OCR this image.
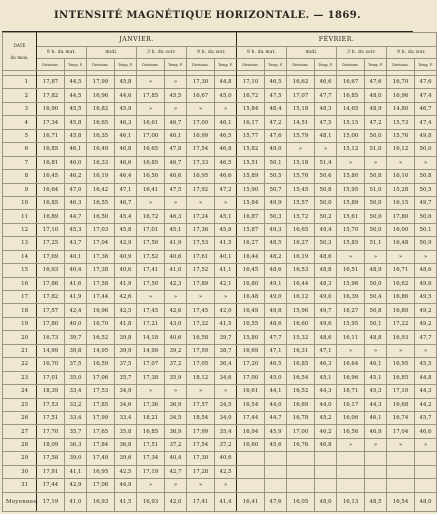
INTENSITÉ MAGNÉTIQUE HORIZONTALE. — 1869.
DATE

du mois.	JANVIER.								FÉVRIER.							
	9 h. du mat.		midi.		3 h. du soir.		9 h. du soir.		9 h. du mat.		midi.		3 h. du soir.		9 h. du soir.	
	Divisions.	Temp. F.	Divisions.	Temp. F.	Divisions.	Temp. F.	Divisions.	Temp. F.	Divisions.	Temp. F.	Divisions.	Temp. F.	Divisions.	Temp. F.	Divisions.	Temp. F.

1	17,87	44,5	17,99	45,8	»	»	17,30	44,8	17,10	46,5	16,62	46,6	16,67	47,6	16,70	47,6
2	17,82	44,5	16,96	44,6	17,85	45,5	16,67	45,0	16,72	47,5	17,07	47,7	16,85	48,0	16,96	47,4
3	16,90	45,5	16,82	45,9	»	»	»	»	15,84	48,4	15,18	48,3	14,65	48,9	14,80	46,7
4	17,34	45,8	16,65	46,3	16,61	46,7	17,00	46,1	16,17	47,2	14,51	47,5	15,15	47,2	15,73	47,4
5	16,71	45,8	16,35	46,1	17,00	46,1	16,99	46,5	15,77	47,6	15,79	48,1	15,00	50,0	15,76	49,8
6	16,85	46,1	16,49	46,8	16,65	47,8	17,54	46,8	15,82	49,0	»	»	15,12	51,0	16,12	50,0
7	16,81	46,0	16,33	46,6	16,85	46,7	17,33	46,5	15,51	50,1	15,18	51,4	»	»	»	»
8	16,45	46,2	16,19	46,4	16,50	46,6	16,95	46,6	15,89	50,5	15,76	50,6	15,80	50,8	16,10	50,8
9	16,64	47,0	16,42	47,1	16,41	47,5	17,92	47,2	15,90	50,7	15,45	50,8	15,95	51,0	15,28	50,5
10	16,85	46,3	16,55	46,7	»	»	»	»	15,84	49,9	15,57	50,0	15,89	50,0	16,15	49,7
11	16,89	44,7	16,50	45,4	16,72	46,3	17,24	45,1	16,87	50,3	15,72	50,2	15,61	50,0	17,80	50,6
12	17,10	45,3	17,03	45,8	17,01	45,1	17,36	45,8	15,87	49,3	16,65	49,4	15,70	50,0	16,00	50,1
13	17,25	43,7	17,04	42,9	17,50	41,9	17,53	41,5	16,27	48,5	16,27	50,3	15,85	51,1	16,48	50,9
14	17,69	40,1	17,36	40,9	17,52	40,6	17,61	40,1	16,44	48,2	16,19	48,6	»	»	»	»
15	16,93	40,4	17,38	40,6	17,41	41,0	17,52	41,1	16,45	48,6	16,53	48,8	16,51	48,9	16,71	48,6
16	17,86	41,6	17,58	41,9	17,50	42,3	17,89	42,1	16,80	49,1	16,44	48,3	15,96	50,0	16,62	49,6
17	17,82	41,9	17,44	42,6	»	»	»	»	16,48	49,0	16,12	49,0	16,39	50,4	16,86	49,5
18	17,57	42,4	16,96	42,5	17,45	42,6	17,45	42,0	16,49	49,8	15,96	49,7	16,27	50,8	16,80	49,2
19	17,80	40,0	16,70	41,8	17,21	43,0	17,32	41,5	16,55	48,6	16,60	49,6	15,95	50,1	17,22	49,2
20	16,73	39,7	16,52	39,8	14,18	40,6	16,58	39,7	15,80	47,7	15,32	48,6	16,11	48,8	16,93	47,7
21	14,99	39,8	14,95	39,9	14,99	39,2	17,59	38,7	16,69	47,1	16,31	47,1	»	»	»	»
22	16,70	37,5	16,59	37,5	17,07	37,2	17,05	36,4	17,20	46,5	16,85	46,3	16,64	46,1	16,95	45,5
23	17,01	35,0	17,06	35,7	17,38	35,9	18,12	34,6	17,00	45,0	16,54	45,1	16,96	45,1	16,85	44,8
24	18,39	33,4	17,53	34,9	»	»	»	»	16,61	44,1	16,52	44,3	16,71	45,3	17,10	44,3
25	17,53	33,2	17,85	34,6	17,36	36,9	17,57	34,5	16,54	44,0	16,69	44,0	16,17	44,3	16,68	44,2
26	17,51	33,4	17,99	33,4	18,21	34,5	18,54	34,0	17,44	44,7	16,78	45,2	16,06	46,1	16,74	45,7
27	17,76	35,7	17,65	35,8	16,85	36,9	17,99	35,4	16,94	45,9	17,00	46,2	16,56	46,9	17,04	46,6
28	18,09	36,3	17,84	36,8	17,51	37,2	17,54	37,2	16,60	45,6	16,76	46,8	»	»	»	»
29	17,58	39,0	17,49	39,6	17,34	40,4	17,30	40,6								
30	17,91	41,1	16,95	42,5	17,19	42,7	17,28	42,5								
31	17,44	42,9	17,06	44,9	»	»	»	»								
Moyennes.	17,19	41,0	16,93	41,5	16,93	42,0	17,41	41,4	16,41	47,6	16,05	48,0	16,13	48,5	16,54	48,0
